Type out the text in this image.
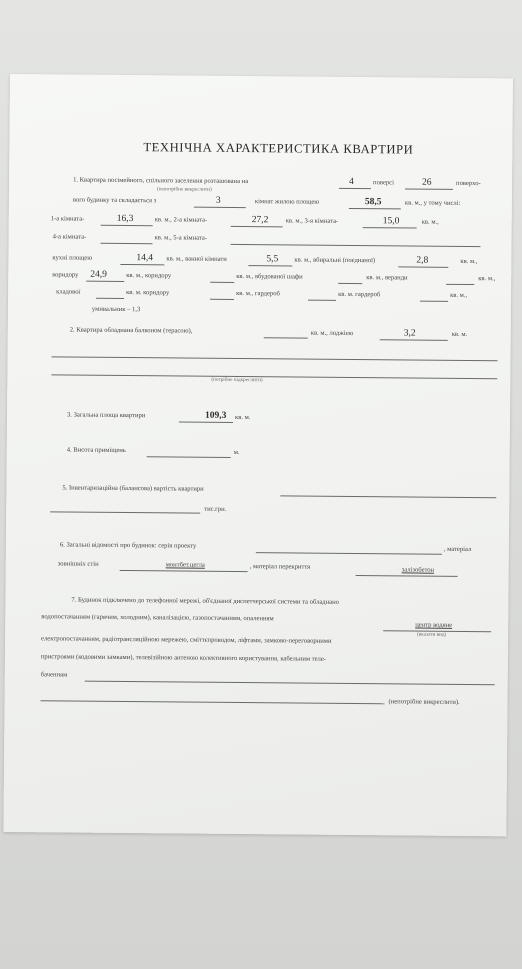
ТЕХНІЧНА ХАРАКТЕРИСТИКА КВАРТИРИ
1. Квартира посімейного, спільного заселення розташована на	4	поверсі	26	поверхо-
(непотрібне викреслити)
вого будинку та складається з	3	кімнат жилою площею	58,5	кв. м., у тому числі:
1-а кімната-	16,3	кв. м., 2-а кімната-	27,2	кв. м., 3-я кімната-	15,0	кв. м.,
4-а кімната-	кв. м., 5-а кімната-
кухні площею	14,4 кв. м., ванної кімнати	5,5 кв. м., вбиральні (поєднаної)	2,8	кв. м.,
коридору 24,9	кв. м., коридору	кв. м., вбудованої шафи	кв. м., веранди	кв. м.,
кладової	кв. м. коридору	кв. м., гардероб	кв. м. гардероб	кв. м.,
умивальник – 1,3
2. Квартира обладнана балконом (терасою),	кв. м., лоджією	3,2	кв. м.
(потрібне підкреслити)
3. Загальна площа квартири	109,3 кв. м.
4. Висота приміщень	м.
5. Інвентаризаційна (балансова) вартість квартири
тис.грн.
6. Загальні відомості про будинок: серія проекту	, матеріал
зовнішніх стін	монтбет.цегла	, матеріал перекриття	залізобетон
7. Будинок підключено до телефонної мережі, об'єднаної диспетчерської системи та обладнано
водопостачанням (гарячим, холодним), каналізацією, газопостачанням, опаленням
центр водяне
(вказати вид)
електропостачанням, радіотрансляційною мережею, сміттєпроводом, ліфтами, замково-переговорними
пристроями (кодовими замками), телевізійною антеною колективного користування, кабельним теле-
баченням
(непотрібне викреслити).
